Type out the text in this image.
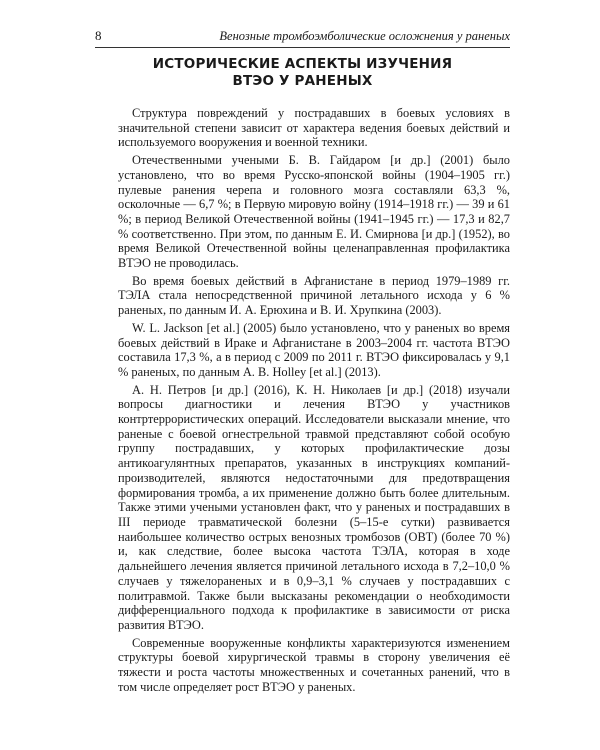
8	Венозные тромбоэмболические осложнения у раненых
ИСТОРИЧЕСКИЕ АСПЕКТЫ ИЗУЧЕНИЯ
ВТЭО У РАНЕНЫХ

Структура повреждений у пострадавших в боевых условиях в значительной степени зависит от характера ведения боевых действий и используемого вооружения и военной техники.

Отечественными учеными Б. В. Гайдаром [и др.] (2001) было установлено, что во время Русско-японской войны (1904–1905 гг.) пулевые ранения черепа и головного мозга составляли 63,3 %, осколочные — 6,7 %; в Первую мировую войну (1914–1918 гг.) — 39 и 61 %; в период Великой Отечественной войны (1941–1945 гг.) — 17,3 и 82,7 % соответственно. При этом, по данным Е. И. Смирнова [и др.] (1952), во время Великой Отечественной войны целенаправленная профилактика ВТЭО не проводилась.

Во время боевых действий в Афганистане в период 1979–1989 гг. ТЭЛА стала непосредственной причиной летального исхода у 6 % раненых, по данным И. А. Ерюхина и В. И. Хрупкина (2003).

W. L. Jackson [et al.] (2005) было установлено, что у раненых во время боевых действий в Ираке и Афганистане в 2003–2004 гг. частота ВТЭО составила 17,3 %, а в период с 2009 по 2011 г. ВТЭО фиксировалась у 9,1 % раненых, по данным A. B. Holley [et al.] (2013).

А. Н. Петров [и др.] (2016), К. Н. Николаев [и др.] (2018) изучали вопросы диагностики и лечения ВТЭО у участников контртеррористических операций. Исследователи высказали мнение, что раненые с боевой огнестрельной травмой представляют собой особую группу пострадавших, у которых профилактические дозы антикоагулянтных препаратов, указанных в инструкциях компаний-производителей, являются недостаточными для предотвращения формирования тромба, а их применение должно быть более длительным. Также этими учеными установлен факт, что у раненых и пострадавших в III периоде травматической болезни (5–15-е сутки) развивается наибольшее количество острых венозных тромбозов (ОВТ) (более 70 %) и, как следствие, более высока частота ТЭЛА, которая в ходе дальнейшего лечения является причиной летального исхода в 7,2–10,0 % случаев у тяжелораненых и в 0,9–3,1 % случаев у пострадавших с политравмой. Также были высказаны рекомендации о необходимости дифференциального подхода к профилактике в зависимости от риска развития ВТЭО.

Современные вооруженные конфликты характеризуются изменением структуры боевой хирургической травмы в сторону увеличения её тяжести и роста частоты множественных и сочетанных ранений, что в том числе определяет рост ВТЭО у раненых.
